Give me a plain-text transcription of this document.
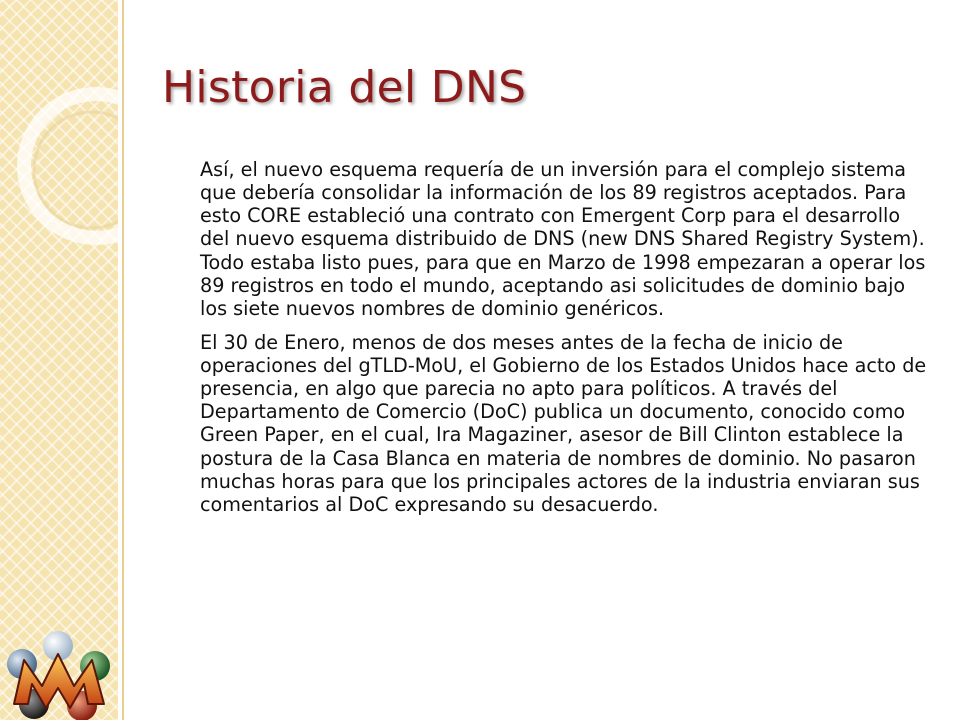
Historia del DNS

Así, el nuevo esquema requería de un inversión para el complejo sistema que debería consolidar la información de los 89 registros aceptados. Para esto CORE estableció una contrato con Emergent Corp para el desarrollo del nuevo esquema distribuido de DNS (new DNS Shared Registry System). Todo estaba listo pues, para que en Marzo de 1998 empezaran a operar los 89 registros en todo el mundo, aceptando asi solicitudes de dominio bajo los siete nuevos nombres de dominio genéricos.

El 30 de Enero, menos de dos meses antes de la fecha de inicio de operaciones del gTLD-MoU, el Gobierno de los Estados Unidos hace acto de presencia, en algo que parecia no apto para políticos. A través del Departamento de Comercio (DoC) publica un documento, conocido como Green Paper, en el cual, Ira Magaziner, asesor de Bill Clinton establece la postura de la Casa Blanca en materia de nombres de dominio. No pasaron muchas horas para que los principales actores de la industria enviaran sus comentarios al DoC expresando su desacuerdo.
